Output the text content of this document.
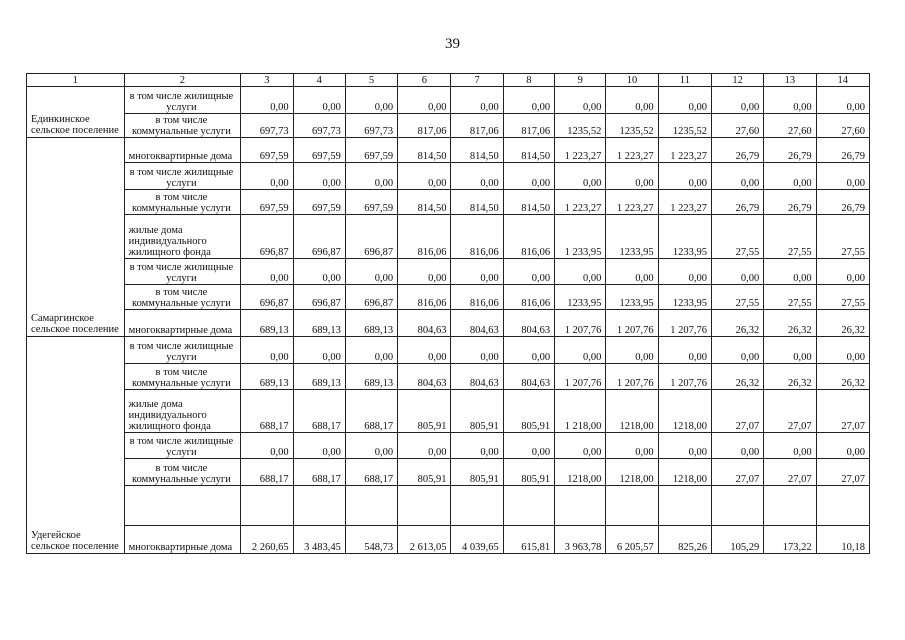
39
1	2	3	4	5	6	7	8	9	10	11	12	13	14
Единкинское сельское поселение	в том числе жилищные услуги	0,00	0,00	0,00	0,00	0,00	0,00	0,00	0,00	0,00	0,00	0,00	0,00
	в том числе коммунальные услуги	697,73	697,73	697,73	817,06	817,06	817,06	1235,52	1235,52	1235,52	27,60	27,60	27,60
Самаргинское сельское поселение	многоквартирные дома	697,59	697,59	697,59	814,50	814,50	814,50	1 223,27	1 223,27	1 223,27	26,79	26,79	26,79
	в том числе жилищные услуги	0,00	0,00	0,00	0,00	0,00	0,00	0,00	0,00	0,00	0,00	0,00	0,00
	в том числе коммунальные услуги	697,59	697,59	697,59	814,50	814,50	814,50	1 223,27	1 223,27	1 223,27	26,79	26,79	26,79
	жилые дома индивидуального жилищного фонда	696,87	696,87	696,87	816,06	816,06	816,06	1 233,95	1233,95	1233,95	27,55	27,55	27,55
	в том числе жилищные услуги	0,00	0,00	0,00	0,00	0,00	0,00	0,00	0,00	0,00	0,00	0,00	0,00
	в том числе коммунальные услуги	696,87	696,87	696,87	816,06	816,06	816,06	1233,95	1233,95	1233,95	27,55	27,55	27,55
	многоквартирные дома	689,13	689,13	689,13	804,63	804,63	804,63	1 207,76	1 207,76	1 207,76	26,32	26,32	26,32
Удегейское сельское поселение	в том числе жилищные услуги	0,00	0,00	0,00	0,00	0,00	0,00	0,00	0,00	0,00	0,00	0,00	0,00
	в том числе коммунальные услуги	689,13	689,13	689,13	804,63	804,63	804,63	1 207,76	1 207,76	1 207,76	26,32	26,32	26,32
	жилые дома индивидуального жилищного фонда	688,17	688,17	688,17	805,91	805,91	805,91	1 218,00	1218,00	1218,00	27,07	27,07	27,07
	в том числе жилищные услуги	0,00	0,00	0,00	0,00	0,00	0,00	0,00	0,00	0,00	0,00	0,00	0,00
	в том числе коммунальные услуги	688,17	688,17	688,17	805,91	805,91	805,91	1218,00	1218,00	1218,00	27,07	27,07	27,07

	многоквартирные дома	2 260,65	3 483,45	548,73	2 613,05	4 039,65	615,81	3 963,78	6 205,57	825,26	105,29	173,22	10,18
